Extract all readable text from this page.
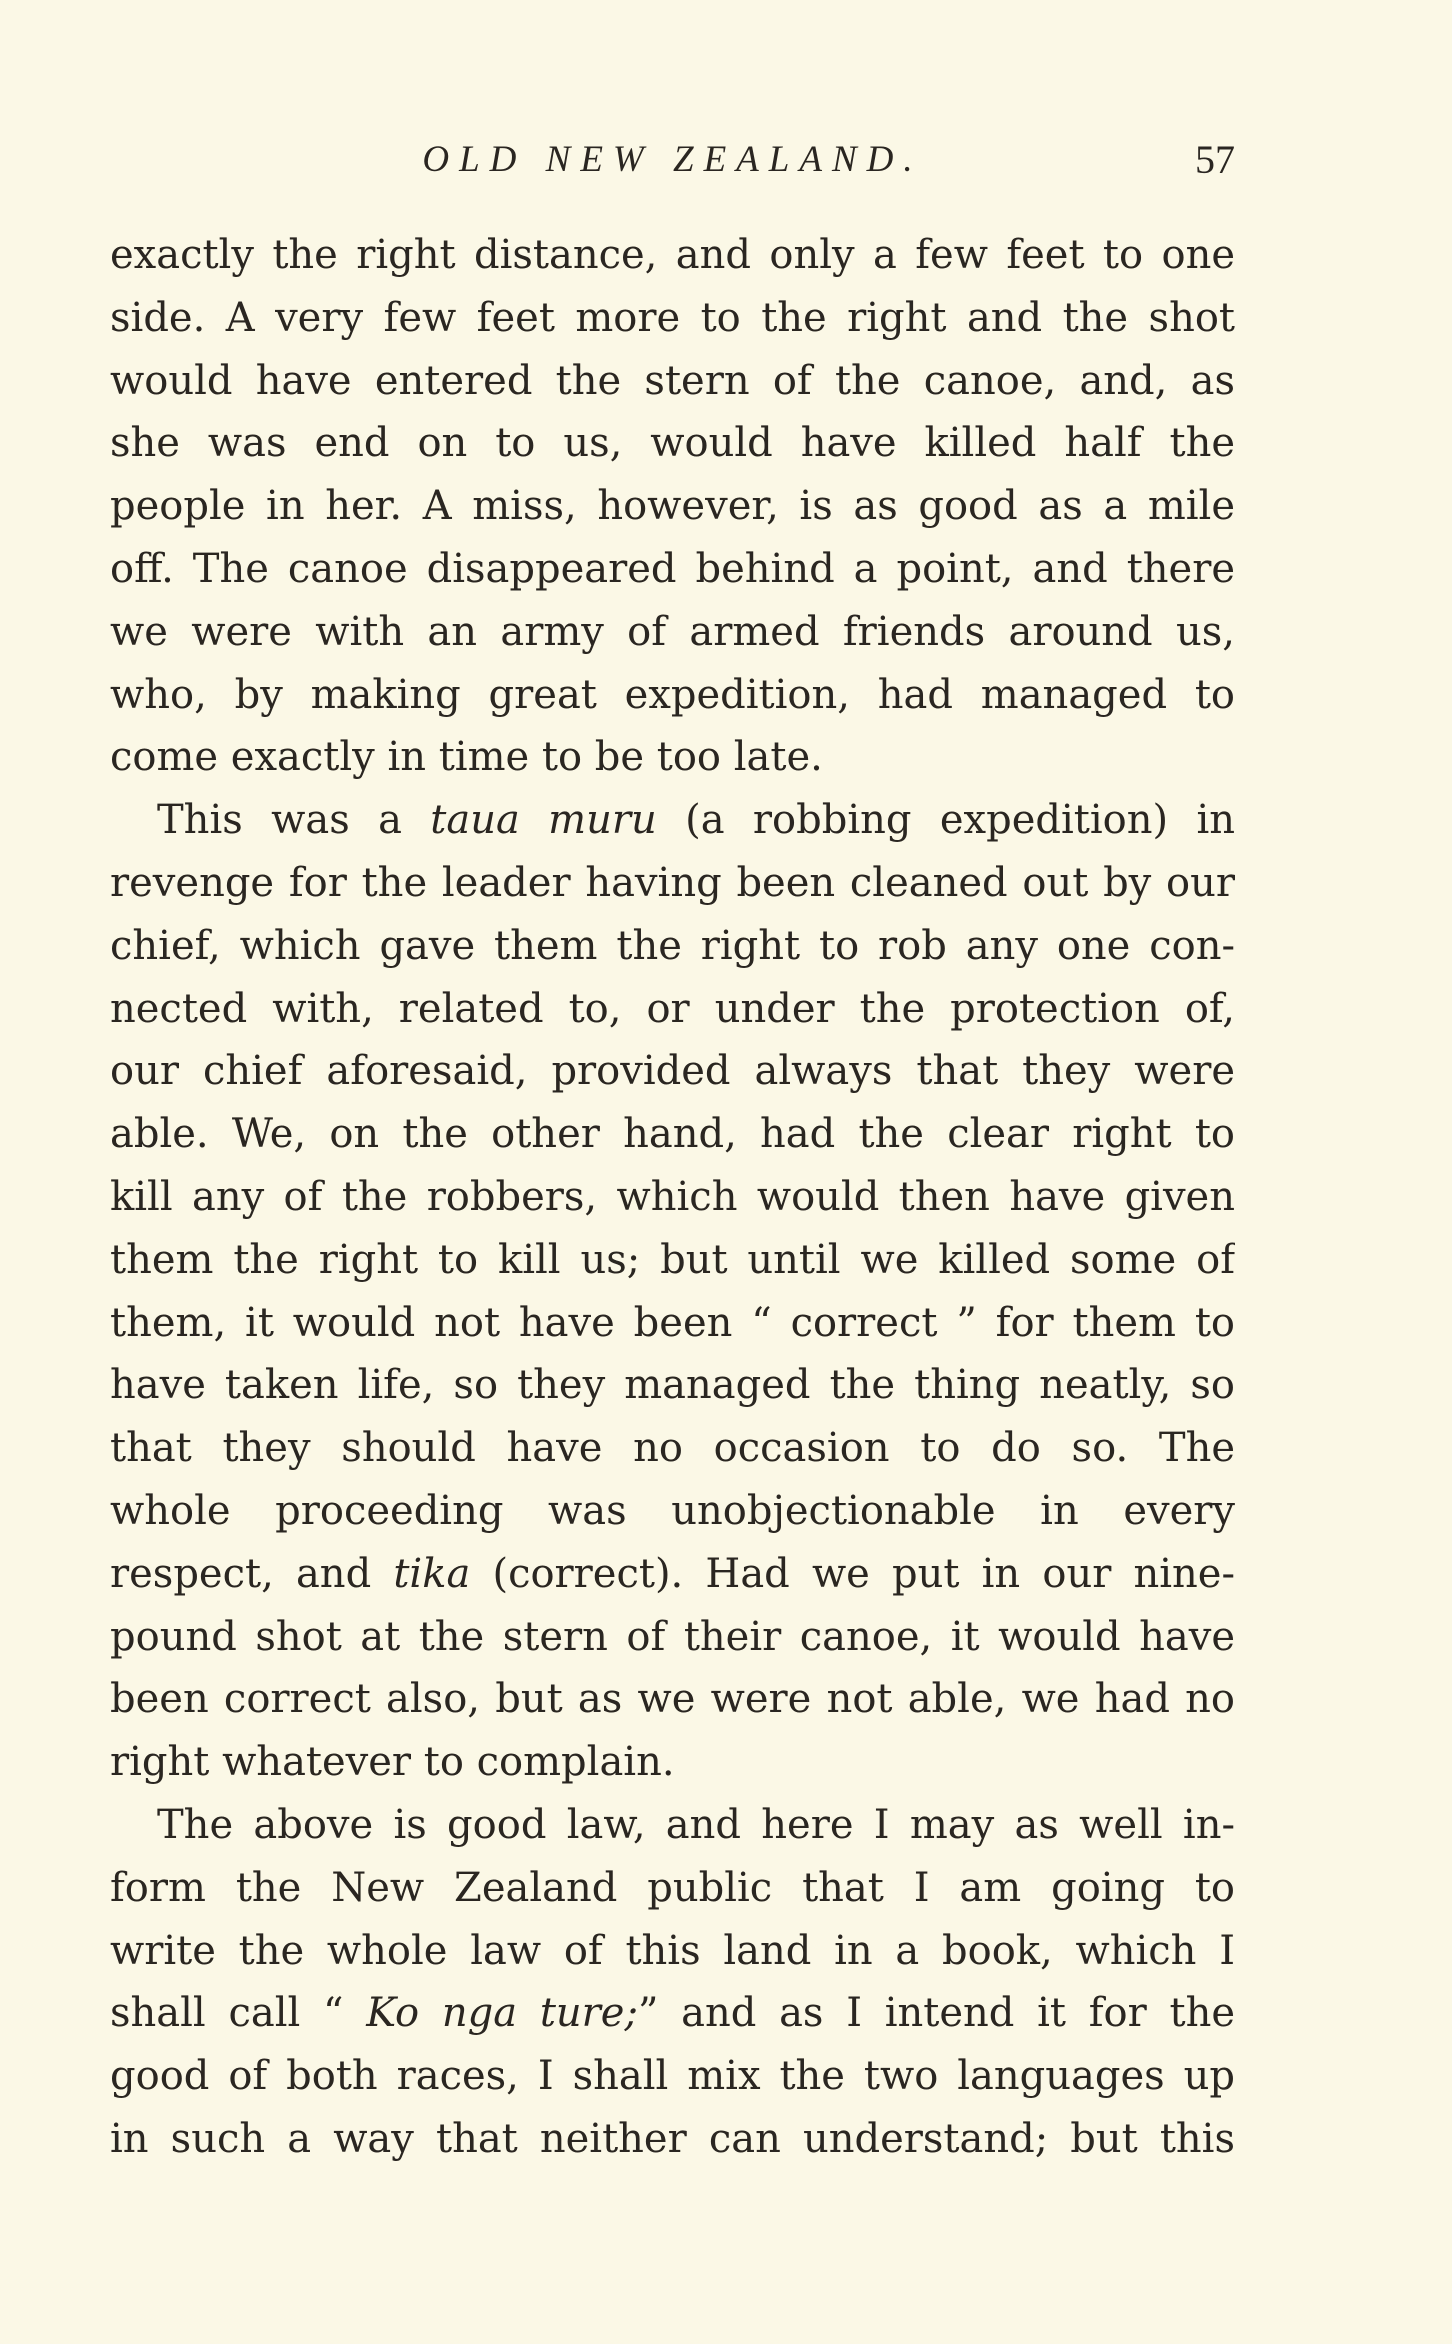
OLD NEW ZEALAND.	57
exactly the right distance, and only a few feet to one
side. A very few feet more to the right and the shot
would have entered the stern of the canoe, and, as
she was end on to us, would have killed half the
people in her. A miss, however, is as good as a mile
off. The canoe disappeared behind a point, and there
we were with an army of armed friends around us,
who, by making great expedition, had managed to
come exactly in time to be too late.
This was a taua muru (a robbing expedition) in
revenge for the leader having been cleaned out by our
chief, which gave them the right to rob any one con-
nected with, related to, or under the protection of,
our chief aforesaid, provided always that they were
able. We, on the other hand, had the clear right to
kill any of the robbers, which would then have given
them the right to kill us; but until we killed some of
them, it would not have been “ correct ” for them to
have taken life, so they managed the thing neatly, so
that they should have no occasion to do so. The
whole proceeding was unobjectionable in every
respect, and tika (correct). Had we put in our nine-
pound shot at the stern of their canoe, it would have
been correct also, but as we were not able, we had no
right whatever to complain.
The above is good law, and here I may as well in-
form the New Zealand public that I am going to
write the whole law of this land in a book, which I
shall call “ Ko nga ture;” and as I intend it for the
good of both races, I shall mix the two languages up
in such a way that neither can understand; but this
